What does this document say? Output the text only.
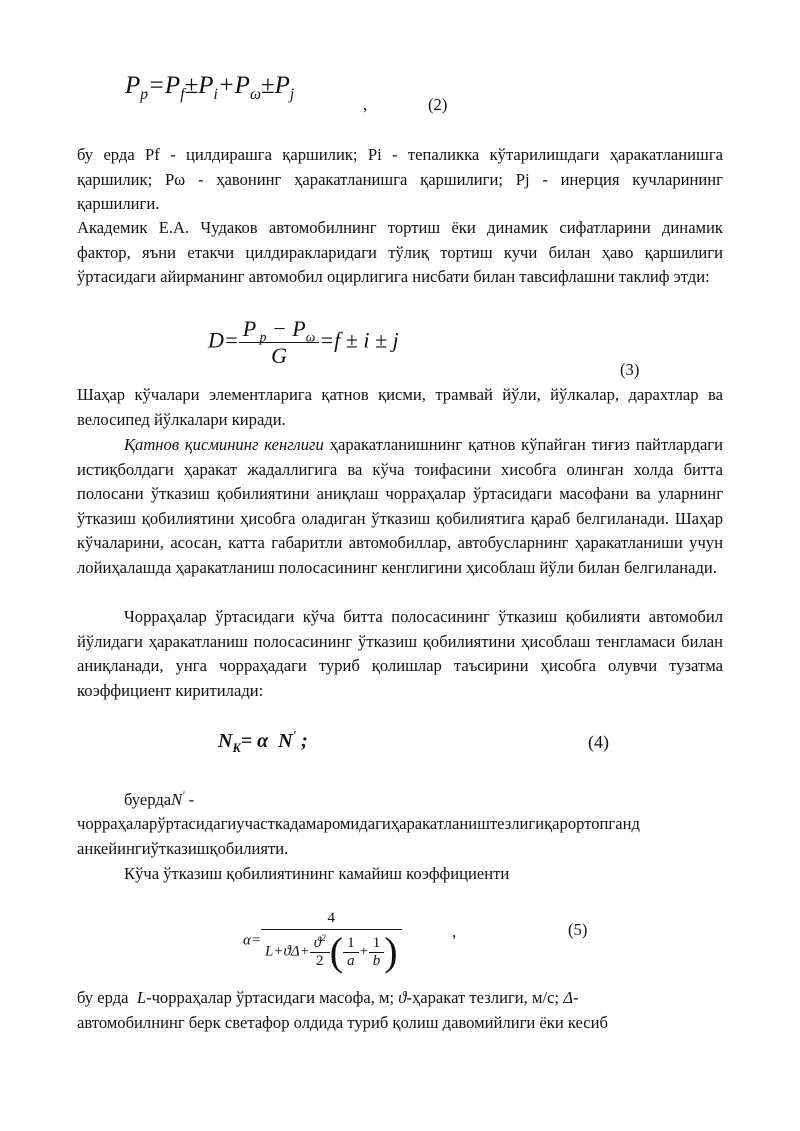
$P_p=P_f\pm P_i+P_\omega\pm P_j$
,	(2)
бу ерда Pf - цилдирашга қаршилик; Pi - тепаликка кўтарилишдаги ҳаракатланишга қаршилик; Pω - ҳавонинг ҳаракатланишга қаршилиги; Pj - инерция кучларининг қаршилиги.
Академик Е.А. Чудаков автомобилнинг тортиш ёки динамик сифатларини динамик фактор, яъни етакчи цилдиракларидаги тўлиқ тортиш кучи билан ҳаво қаршилиги ўртасидаги айирманинг автомобил оцирлигига нисбати билан тавсифлашни таклиф этди:
$D= \frac{P _p - P_\omega}{G} =f \pm i \pm j$
(3)
Шаҳар кўчалари элементларига қатнов қисми, трамвай йўли, йўлкалар, дарахтлар ва велосипед йўлкалари киради.
Қатнов қисмининг кенглиги ҳаракатланишнинг қатнов кўпайган тиғиз пайтлардаги истиқболдаги ҳаракат жадаллигига ва кўча тоифасини хисобга олинган холда битта полосани ўтказиш қобилиятини аниқлаш чорраҳалар ўртасидаги масофани ва уларнинг ўтказиш қобилиятини ҳисобга оладиган ўтказиш қобилиятига қараб белгиланади. Шаҳар кўчаларини, асосан, катта габаритли автомобиллар, автобусларнинг ҳаракатланиши учун лойиҳалашда ҳаракатланиш полосасининг кенглигини ҳисоблаш йўли билан белгиланади.
Чорраҳалар ўртасидаги кўча битта полосасининг ўтказиш қобилияти автомобил йўлидаги ҳаракатланиш полосасининг ўтказиш қобилиятини ҳисоблаш тенгламаси билан аниқланади, унга чорраҳадаги туриб қолишлар таъсирини ҳисобга олувчи тузатма коэффициент киритилади:
$N_K= \alpha$  N' ;	(4)
буердаN' -
чорраҳаларўртасидагиучасткадамаромидагиҳаракатлаништезлигиқарортопганд
анкейингиўтказишқобилияти.
Кўча ўтказиш қобилиятининг камайиш коэффициенти
$\alpha= \frac{4}{L+ϑ\Delta+ \frac{ϑ^2}{2} ( \frac{1}{a} + \frac{1}{b} )}$	,	(5)
бу ерда  L-чорраҳалар ўртасидаги масофа, м; ϑ-ҳаракат тезлиги, м/с; Δ-
автомобилнинг берк светафор олдида туриб қолиш давомийлиги ёки кесиб
